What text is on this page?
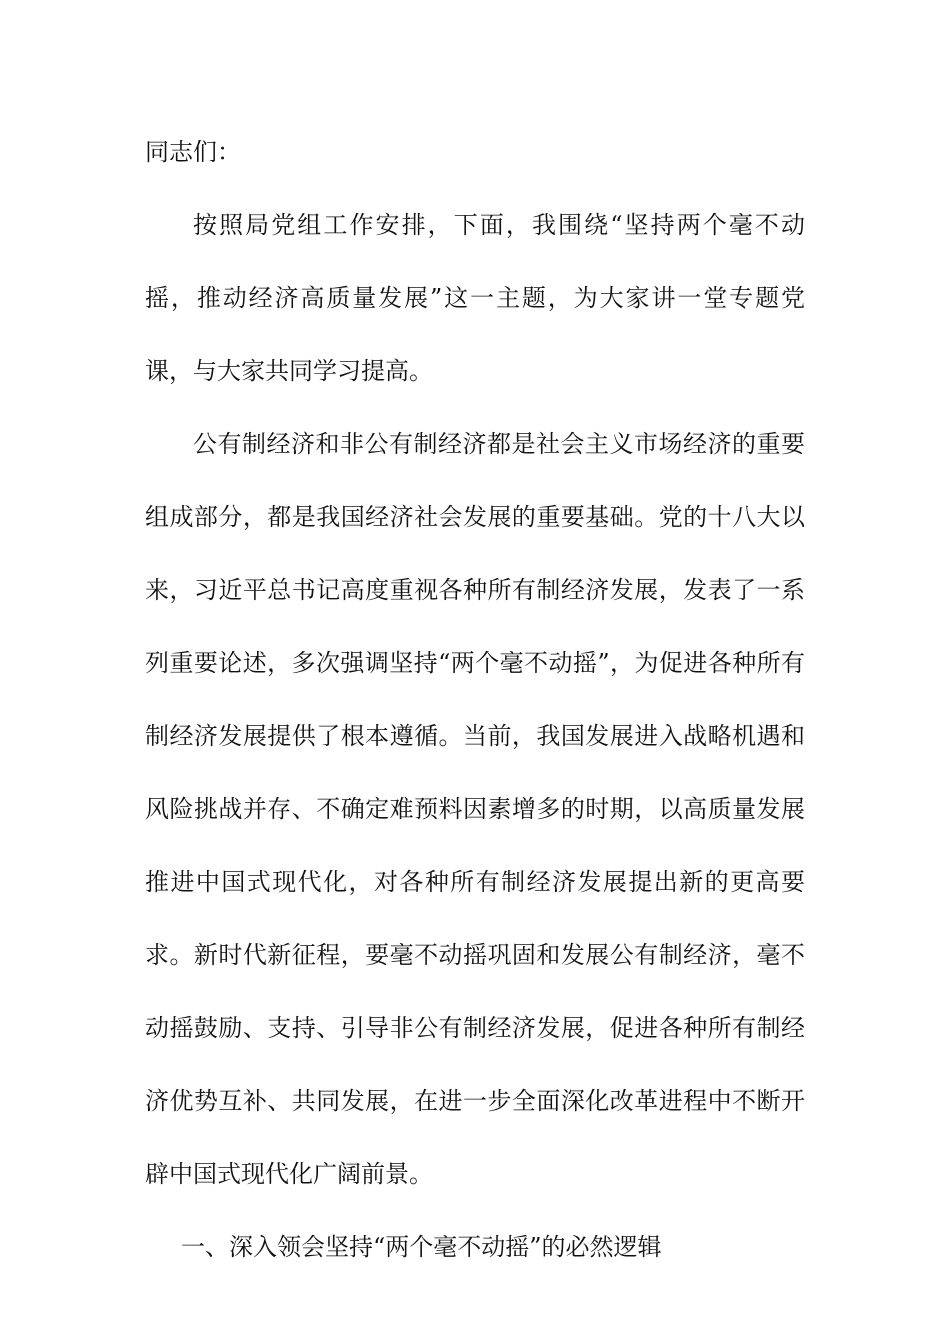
同志们：

按照局党组工作安排，下面，我围绕“坚持两个毫不动摇，推动经济高质量发展”这一主题，为大家讲一堂专题党课，与大家共同学习提高。

公有制经济和非公有制经济都是社会主义市场经济的重要组成部分，都是我国经济社会发展的重要基础。党的十八大以来，习近平总书记高度重视各种所有制经济发展，发表了一系列重要论述，多次强调坚持“两个毫不动摇”，为促进各种所有制经济发展提供了根本遵循。当前，我国发展进入战略机遇和风险挑战并存、不确定难预料因素增多的时期，以高质量发展推进中国式现代化，对各种所有制经济发展提出新的更高要求。新时代新征程，要毫不动摇巩固和发展公有制经济，毫不动摇鼓励、支持、引导非公有制经济发展，促进各种所有制经济优势互补、共同发展，在进一步全面深化改革进程中不断开辟中国式现代化广阔前景。

一、深入领会坚持“两个毫不动摇”的必然逻辑
